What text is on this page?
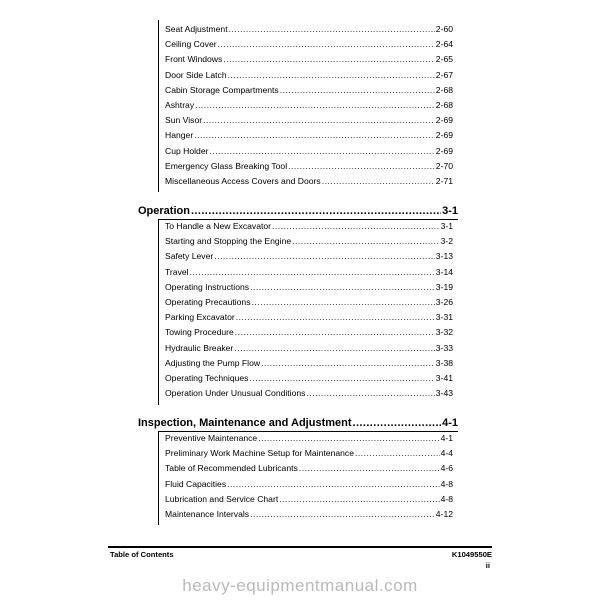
Seat Adjustment .....	2-60
Ceiling Cover .....	2-64
Front Windows .....	2-65
Door Side Latch .....	2-67
Cabin Storage Compartments .....	2-68
Ashtray .....	2-68
Sun Visor .....	2-69
Hanger .....	2-69
Cup Holder .....	2-69
Emergency Glass Breaking Tool .....	2-70
Miscellaneous Access Covers and Doors .....	2-71
Operation .....	3-1
To Handle a New Excavator .....	3-1
Starting and Stopping the Engine .....	3-2
Safety Lever .....	3-13
Travel .....	3-14
Operating Instructions .....	3-19
Operating Precautions .....	3-26
Parking Excavator .....	3-31
Towing Procedure .....	3-32
Hydraulic Breaker .....	3-33
Adjusting the Pump Flow .....	3-38
Operating Techniques .....	3-41
Operation Under Unusual Conditions .....	3-43
Inspection, Maintenance and Adjustment .....	4-1
Preventive Maintenance .....	4-1
Preliminary Work Machine Setup for Maintenance .....	4-4
Table of Recommended Lubricants .....	4-6
Fluid Capacities .....	4-8
Lubrication and Service Chart .....	4-8
Maintenance Intervals .....	4-12
Table of Contents	K1049550E
ii
heavy-equipmentmanual.com
